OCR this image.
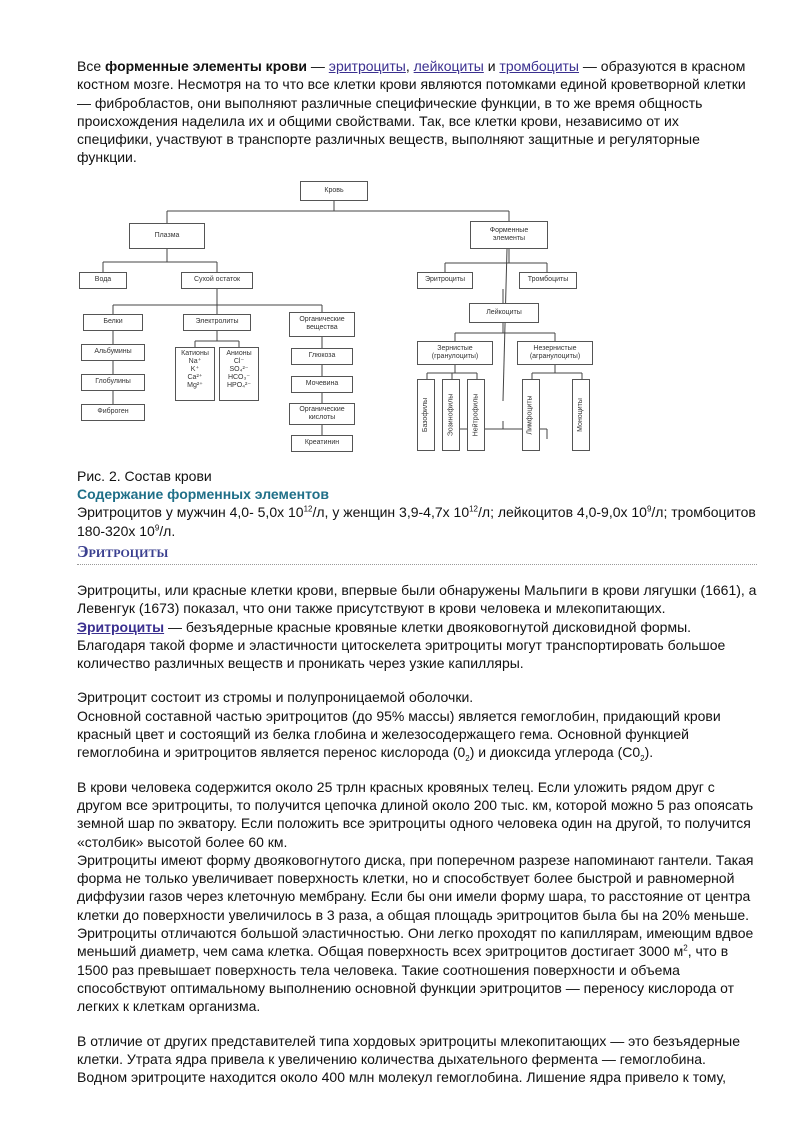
Все форменные элементы крови — эритроциты, лейкоциты и тромбоциты — образуются в красном костном мозге. Несмотря на то что все клетки крови являются потомками единой кроветворной клетки — фибробластов, они выполняют различные специфические функции, в то же время общность происхождения наделила их и общими свойствами. Так, все клетки крови, независимо от их специфики, участвуют в транспорте различных веществ, выполняют защитные и регуляторные функции.

Кровь
Плазма
Форменные
элементы
Вода	Сухой остаток	Эритроциты	Тромбоциты
Лейкоциты
Белки	Электролиты	Органические
вещества
Альбумины
Глобулины
Фиброген
Катионы
Na⁺
K⁺
Ca²⁺
Mg²⁺
Анионы
Cl⁻
SO₄²⁻
HCO₃⁻
HPO₄²⁻
Глюкоза
Мочевина
Органические
кислоты
Креатинин
Зернистые
(гранулоциты)
Незернистые
(агранулоциты)
Базофилы	Эозинофилы	Нейтрофилы	Лимфоциты	Моноциты

Рис. 2. Состав крови

Содержание форменных элементов

Эритроцитов у мужчин 4,0- 5,0х $10^{12}/л$, у женщин 3,9-4,7х $10^{12}/л$; лейкоцитов 4,0-9,0х $10^9/л$; тромбоцитов 180-320х $10^9/л$.

Эритроциты

Эритроциты, или красные клетки крови, впервые были обнаружены Мальпиги в крови лягушки (1661), а Левенгук (1673) показал, что они также присутствуют в крови человека и млекопитающих.
Эритроциты — безъядерные красные кровяные клетки двояковогнутой дисковидной формы. Благодаря такой форме и эластичности цитоскелета эритроциты могут транспортировать большое количество различных веществ и проникать через узкие капилляры.

Эритроцит состоит из стромы и полупроницаемой оболочки.
Основной составной частью эритроцитов (до 95% массы) является гемоглобин, придающий крови красный цвет и состоящий из белка глобина и железосодержащего гема. Основной функцией гемоглобина и эритроцитов является перенос кислорода $(0_2)$ и диоксида углерода $(С0_2)$.

В крови человека содержится около 25 трлн красных кровяных телец. Если уложить рядом друг с другом все эритроциты, то получится цепочка длиной около 200 тыс. км, которой можно 5 раз опоясать земной шар по экватору. Если положить все эритроциты одного человека один на другой, то получится «столбик» высотой более 60 км.
Эритроциты имеют форму двояковогнутого диска, при поперечном разрезе напоминают гантели. Такая форма не только увеличивает поверхность клетки, но и способствует более быстрой и равномерной диффузии газов через клеточную мембрану. Если бы они имели форму шара, то расстояние от центра клетки до поверхности увеличилось в 3 раза, а общая площадь эритроцитов была бы на 20% меньше. Эритроциты отличаются большой эластичностью. Они легко проходят по капиллярам, имеющим вдвое меньший диаметр, чем сама клетка. Общая поверхность всех эритроцитов достигает 3000 $м^2$, что в 1500 раз превышает поверхность тела человека. Такие соотношения поверхности и объема способствуют оптимальному выполнению основной функции эритроцитов — переносу кислорода от легких к клеткам организма.

В отличие от других представителей типа хордовых эритроциты млекопитающих — это безъядерные клетки. Утрата ядра привела к увеличению количества дыхательного фермента — гемоглобина. Водном эритроците находится около 400 млн молекул гемоглобина. Лишение ядра привело к тому,
